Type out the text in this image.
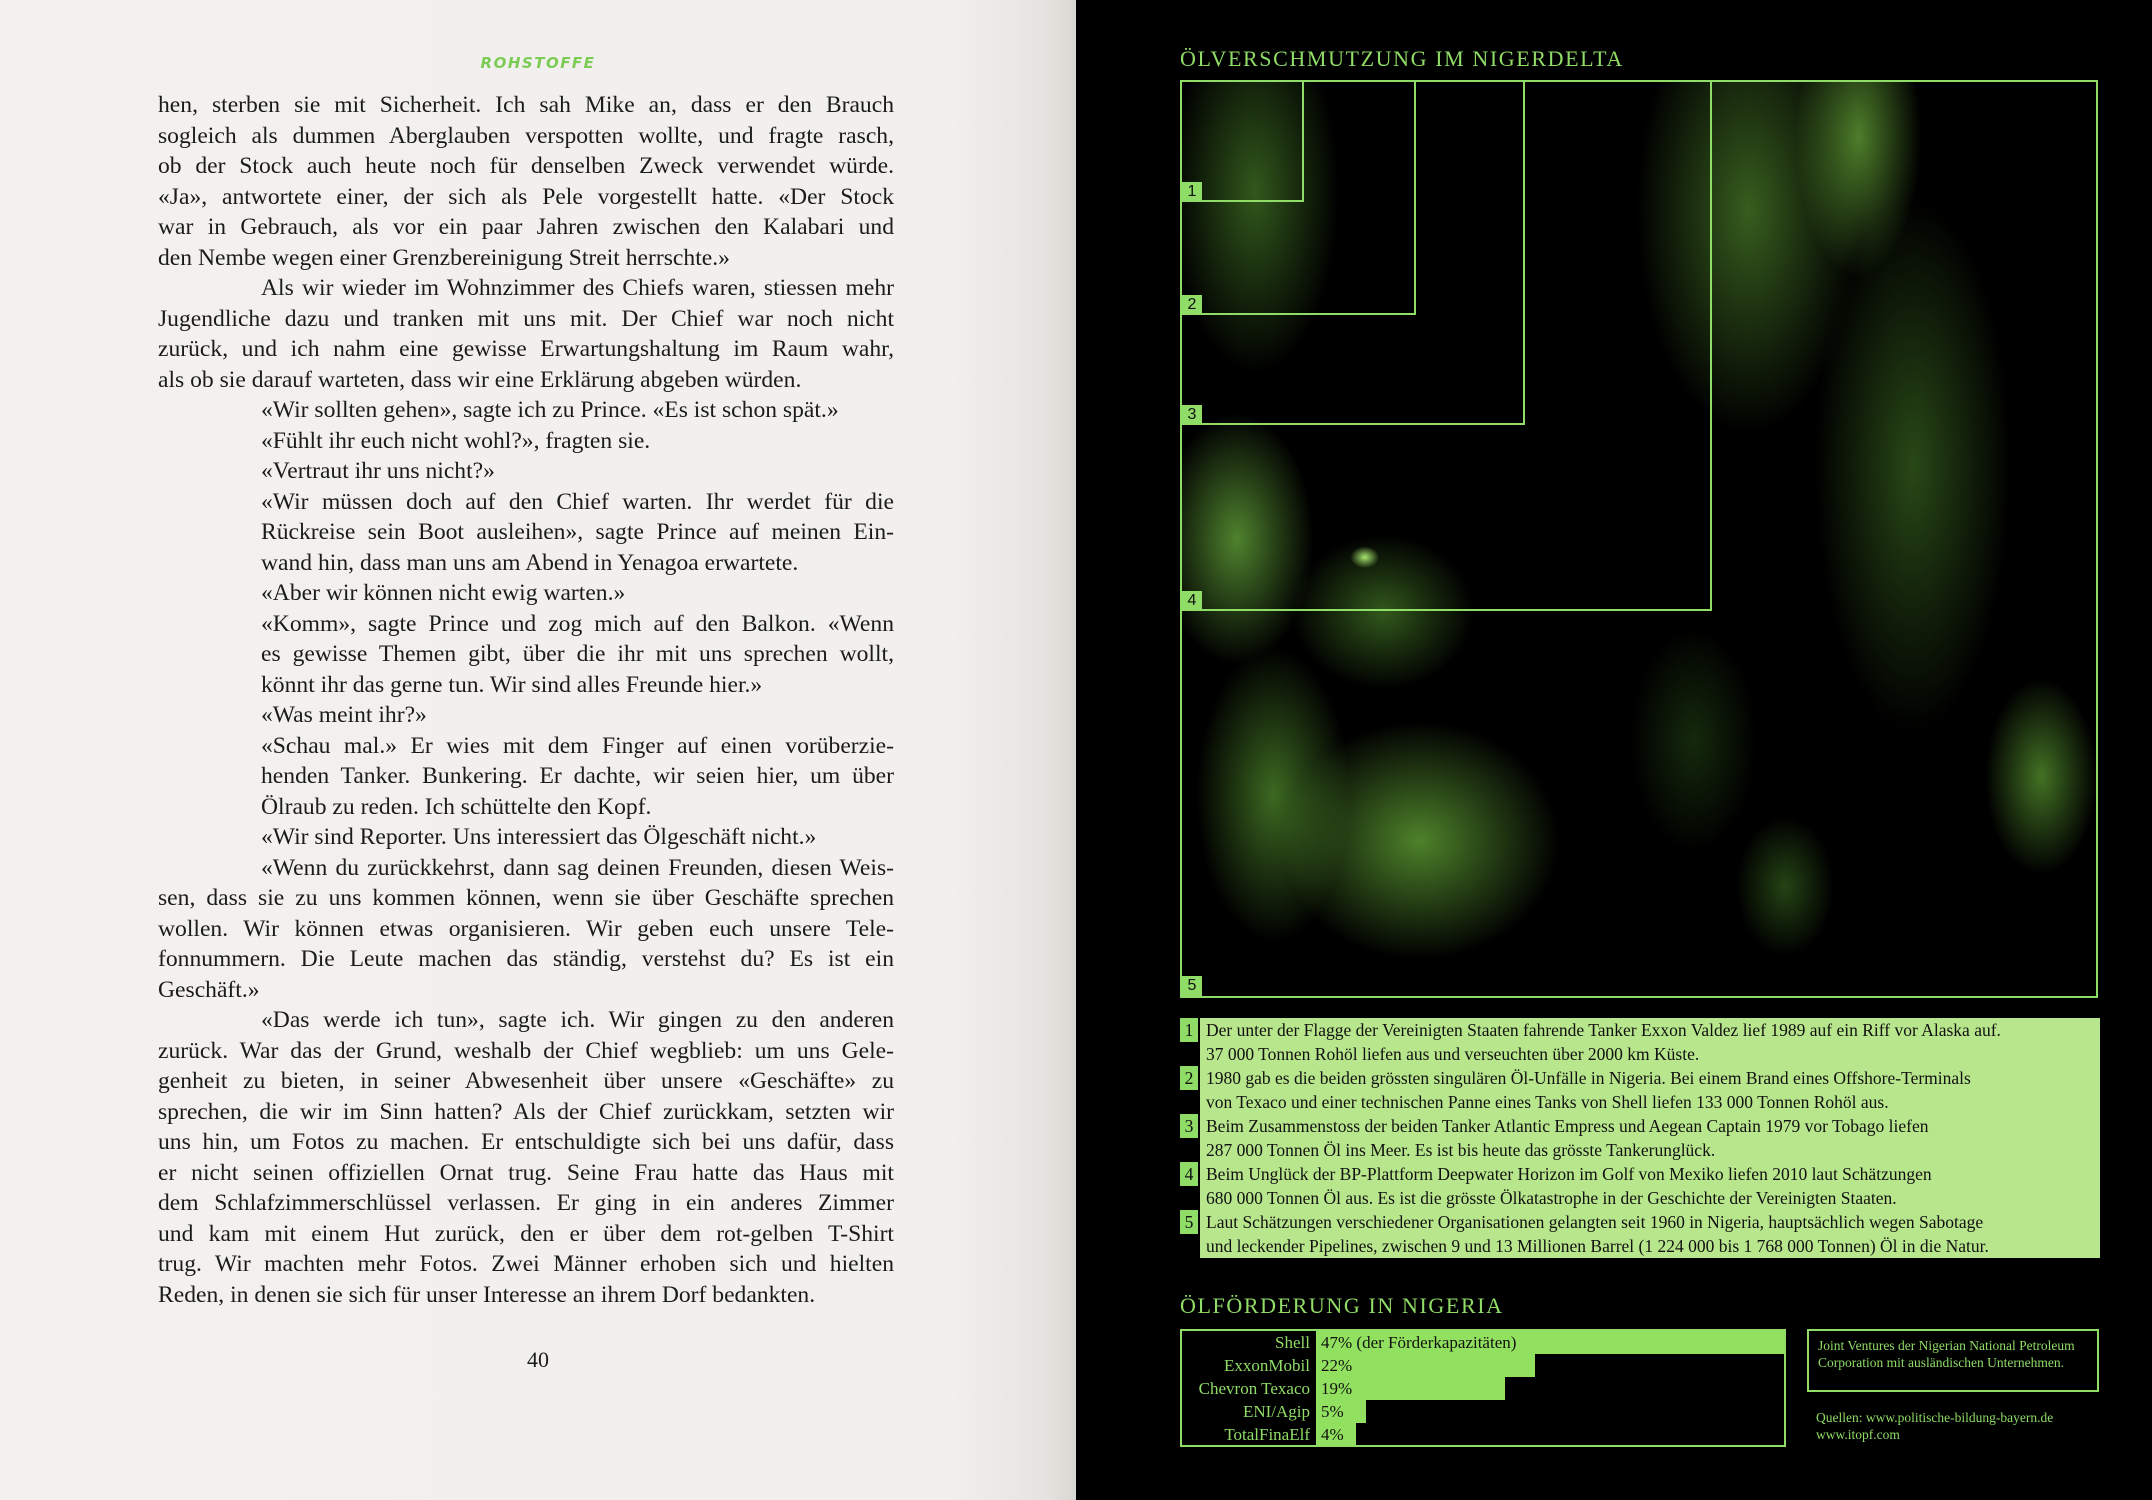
ROHSTOFFE
hen, sterben sie mit Sicherheit. Ich sah Mike an, dass er den Brauch
sogleich als dummen Aberglauben verspotten wollte, und fragte rasch,
ob der Stock auch heute noch für denselben Zweck verwendet würde.
«Ja», antwortete einer, der sich als Pele vorgestellt hatte. «Der Stock
war in Gebrauch, als vor ein paar Jahren zwischen den Kalabari und
den Nembe wegen einer Grenzbereinigung Streit herrschte.»
Als wir wieder im Wohnzimmer des Chiefs waren, stiessen mehr
Jugendliche dazu und tranken mit uns mit. Der Chief war noch nicht
zurück, und ich nahm eine gewisse Erwartungshaltung im Raum wahr,
als ob sie darauf warteten, dass wir eine Erklärung abgeben würden.
«Wir sollten gehen», sagte ich zu Prince. «Es ist schon spät.»
«Fühlt ihr euch nicht wohl?», fragten sie.
«Vertraut ihr uns nicht?»
«Wir müssen doch auf den Chief warten. Ihr werdet für die
Rückreise sein Boot ausleihen», sagte Prince auf meinen Ein-
wand hin, dass man uns am Abend in Yenagoa erwartete.
«Aber wir können nicht ewig warten.»
«Komm», sagte Prince und zog mich auf den Balkon. «Wenn
es gewisse Themen gibt, über die ihr mit uns sprechen wollt,
könnt ihr das gerne tun. Wir sind alles Freunde hier.»
«Was meint ihr?»
«Schau mal.» Er wies mit dem Finger auf einen vorüberzie-
henden Tanker. Bunkering. Er dachte, wir seien hier, um über
Ölraub zu reden. Ich schüttelte den Kopf.
«Wir sind Reporter. Uns interessiert das Ölgeschäft nicht.»
«Wenn du zurückkehrst, dann sag deinen Freunden, diesen Weis-
sen, dass sie zu uns kommen können, wenn sie über Geschäfte sprechen
wollen. Wir können etwas organisieren. Wir geben euch unsere Tele-
fonnummern. Die Leute machen das ständig, verstehst du? Es ist ein
Geschäft.»
«Das werde ich tun», sagte ich. Wir gingen zu den anderen
zurück. War das der Grund, weshalb der Chief wegblieb: um uns Gele-
genheit zu bieten, in seiner Abwesenheit über unsere «Geschäfte» zu
sprechen, die wir im Sinn hatten? Als der Chief zurückkam, setzten wir
uns hin, um Fotos zu machen. Er entschuldigte sich bei uns dafür, dass
er nicht seinen offiziellen Ornat trug. Seine Frau hatte das Haus mit
dem Schlafzimmerschlüssel verlassen. Er ging in ein anderes Zimmer
und kam mit einem Hut zurück, den er über dem rot-gelben T-Shirt
trug. Wir machten mehr Fotos. Zwei Männer erhoben sich und hielten
Reden, in denen sie sich für unser Interesse an ihrem Dorf bedankten.
40
ÖLVERSCHMUTZUNG IM NIGERDELTA
1
2
3
4
5
1 Der unter der Flagge der Vereinigten Staaten fahrende Tanker Exxon Valdez lief 1989 auf ein Riff vor Alaska auf.
37 000 Tonnen Rohöl liefen aus und verseuchten über 2000 km Küste.
2 1980 gab es die beiden grössten singulären Öl-Unfälle in Nigeria. Bei einem Brand eines Offshore-Terminals
von Texaco und einer technischen Panne eines Tanks von Shell liefen 133 000 Tonnen Rohöl aus.
3 Beim Zusammenstoss der beiden Tanker Atlantic Empress und Aegean Captain 1979 vor Tobago liefen
287 000 Tonnen Öl ins Meer. Es ist bis heute das grösste Tankerunglück.
4 Beim Unglück der BP-Plattform Deepwater Horizon im Golf von Mexiko liefen 2010 laut Schätzungen
680 000 Tonnen Öl aus. Es ist die grösste Ölkatastrophe in der Geschichte der Vereinigten Staaten.
5 Laut Schätzungen verschiedener Organisationen gelangten seit 1960 in Nigeria, hauptsächlich wegen Sabotage
und leckender Pipelines, zwischen 9 und 13 Millionen Barrel (1 224 000 bis 1 768 000 Tonnen) Öl in die Natur.
ÖLFÖRDERUNG IN NIGERIA
Shell 47% (der Förderkapazitäten)
ExxonMobil 22%
Chevron Texaco 19%
ENI/Agip 5%
TotalFinaElf 4%
Joint Ventures der Nigerian National Petroleum Corporation mit ausländischen Unternehmen.
Quellen: www.politische-bildung-bayern.de
www.itopf.com
